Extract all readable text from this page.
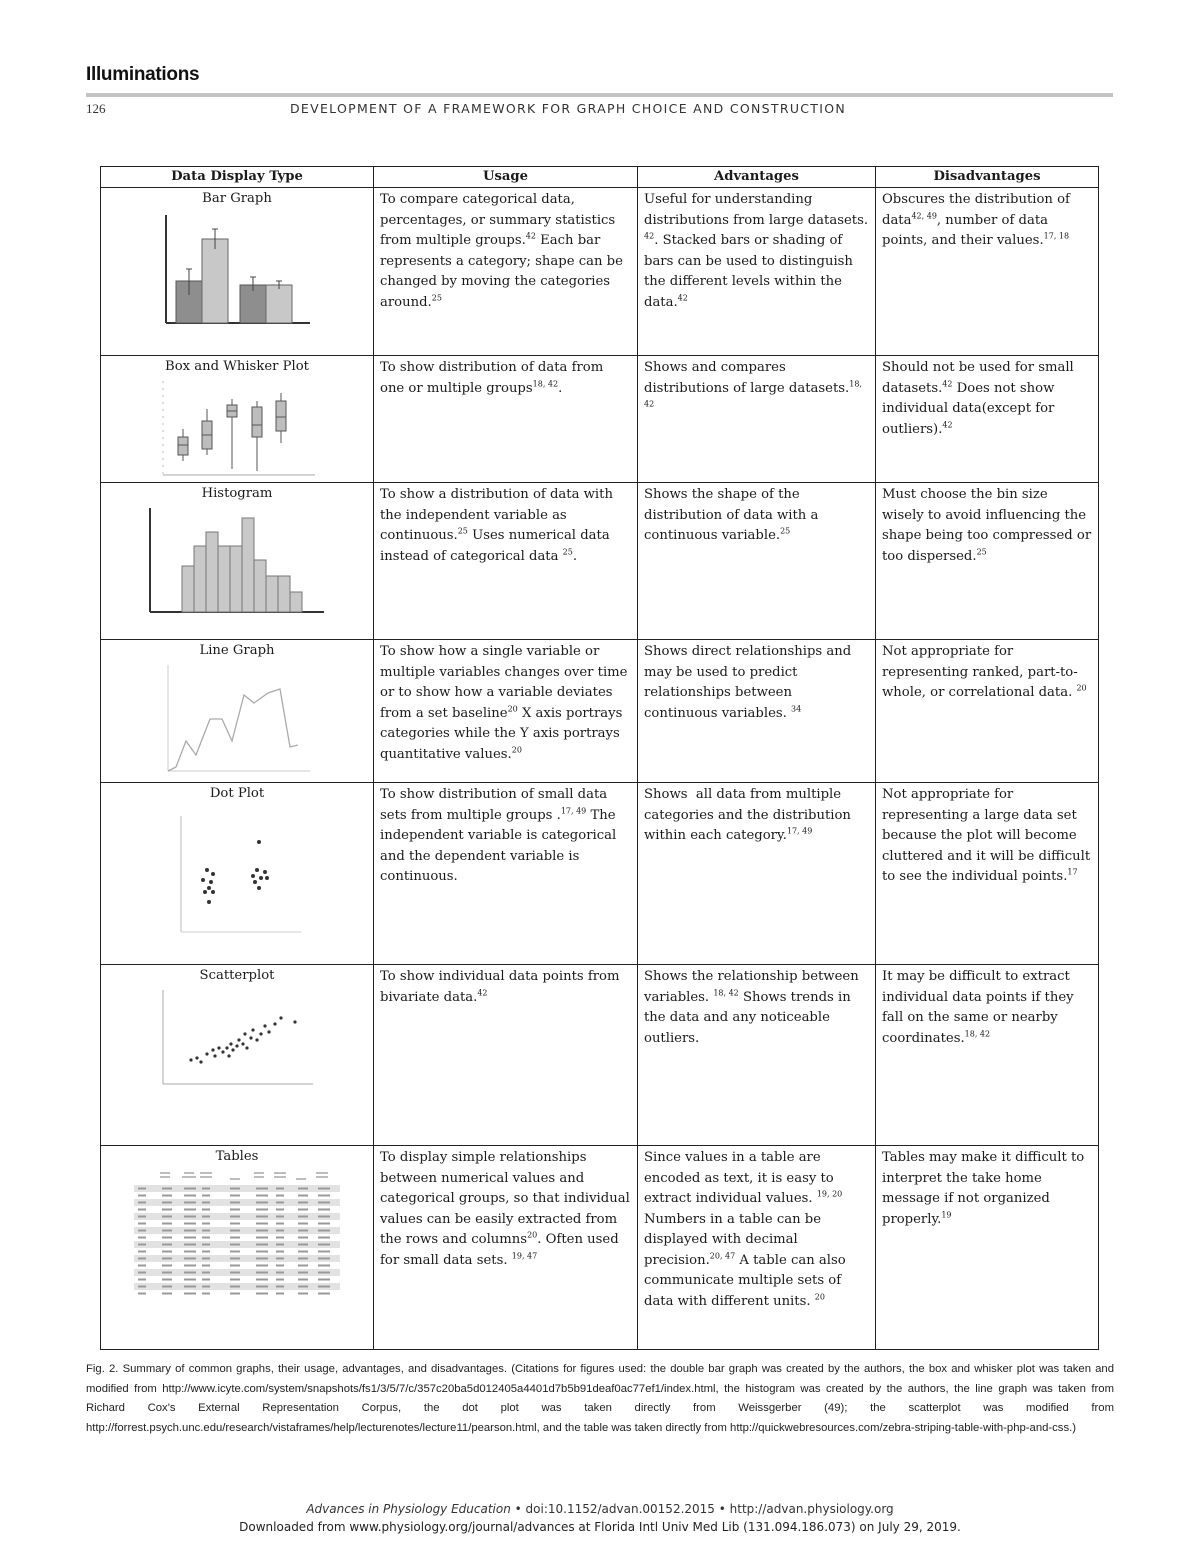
Illuminations
126	DEVELOPMENT OF A FRAMEWORK FOR GRAPH CHOICE AND CONSTRUCTION
Data Display Type	Usage	Advantages	Disadvantages

Bar Graph	To compare categorical data, percentages, or summary statistics from multiple groups.$^{42}$ Each bar represents a category; shape can be changed by moving the categories around.$^{25}$	Useful for understanding distributions from large datasets. $^{42}$. Stacked bars or shading of bars can be used to distinguish the different levels within the data.$^{42}$	Obscures the distribution of data$^{42, 49}$, number of data points, and their values.$^{17, 18}$

Box and Whisker Plot	To show distribution of data from one or multiple groups$^{18, 42}$.	Shows and compares distributions of large datasets.$^{18, 42}$	Should not be used for small datasets.$^{42}$ Does not show individual data(except for outliers).$^{42}$

Histogram	To show a distribution of data with the independent variable as continuous.$^{25}$ Uses numerical data instead of categorical data $^{25}$.	Shows the shape of the distribution of data with a continuous variable.$^{25}$	Must choose the bin size wisely to avoid influencing the shape being too compressed or too dispersed.$^{25}$

Line Graph	To show how a single variable or multiple variables changes over time or to show how a variable deviates from a set baseline$^{20}$ X axis portrays categories while the Y axis portrays quantitative values.$^{20}$	Shows direct relationships and may be used to predict relationships between continuous variables. $^{34}$	Not appropriate for representing ranked, part-to-whole, or correlational data. $^{20}$

Dot Plot	To show distribution of small data sets from multiple groups .$^{17, 49}$ The independent variable is categorical and the dependent variable is continuous.	Shows  all data from multiple categories and the distribution within each category.$^{17, 49}$	Not appropriate for representing a large data set because the plot will become cluttered and it will be difficult to see the individual points.$^{17}$

Scatterplot	To show individual data points from bivariate data.$^{42}$	Shows the relationship between variables. $^{18, 42}$ Shows trends in the data and any noticeable outliers.	It may be difficult to extract individual data points if they fall on the same or nearby coordinates.$^{18, 42}$

Tables	To display simple relationships between numerical values and categorical groups, so that individual values can be easily extracted from the rows and columns$^{20}$. Often used for small data sets. $^{19, 47}$	Since values in a table are encoded as text, it is easy to extract individual values. $^{19, 20}$ Numbers in a table can be displayed with decimal precision.$^{20, 47}$ A table can also communicate multiple sets of data with different units. $^{20}$	Tables may make it difficult to interpret the take home message if not organized properly.$^{19}$
Fig. 2. Summary of common graphs, their usage, advantages, and disadvantages. (Citations for figures used: the double bar graph was created by the authors, the box and whisker plot was taken and modified from http://www.icyte.com/system/snapshots/fs1/3/5/7/c/357c20ba5d012405a4401d7b5b91deaf0ac77ef1/index.html, the histogram was created by the authors, the line graph was taken from Richard Cox's External Representation Corpus, the dot plot was taken directly from Weissgerber (49); the scatterplot was modified from http://forrest.psych.unc.edu/research/vistaframes/help/lecturenotes/lecture11/pearson.html, and the table was taken directly from http://quickwebresources.com/zebra-striping-table-with-php-and-css.)
Advances in Physiology Education • doi:10.1152/advan.00152.2015 • http://advan.physiology.org
Downloaded from www.physiology.org/journal/advances at Florida Intl Univ Med Lib (131.094.186.073) on July 29, 2019.
